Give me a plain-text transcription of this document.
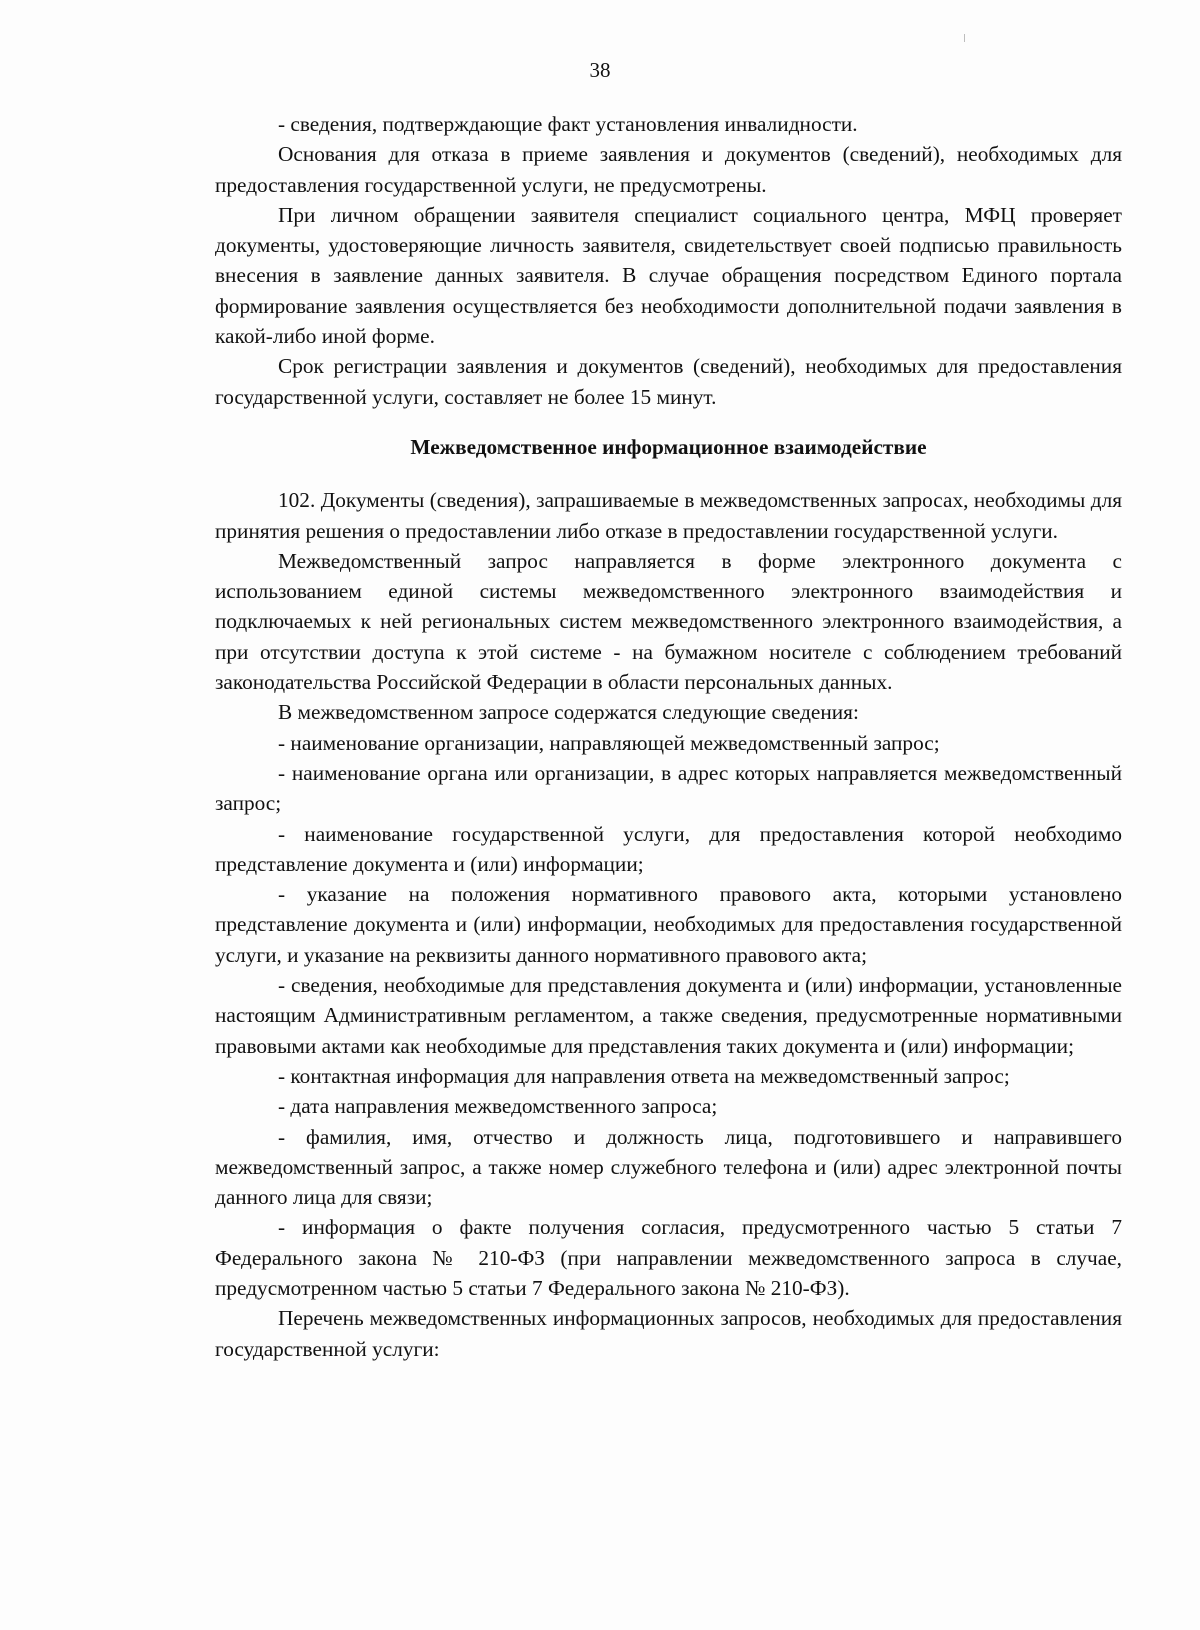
38

- сведения, подтверждающие факт установления инвалидности.

Основания для отказа в приеме заявления и документов (сведений), необходимых для предоставления государственной услуги, не предусмотрены.

При личном обращении заявителя специалист социального центра, МФЦ проверяет документы, удостоверяющие личность заявителя, свидетельствует своей подписью правильность внесения в заявление данных заявителя. В случае обращения посредством Единого портала формирование заявления осуществляется без необходимости дополнительной подачи заявления в какой-либо иной форме.

Срок регистрации заявления и документов (сведений), необходимых для предоставления государственной услуги, составляет не более 15 минут.

Межведомственное информационное взаимодействие

102. Документы (сведения), запрашиваемые в межведомственных запросах, необходимы для принятия решения о предоставлении либо отказе в предоставлении государственной услуги.

Межведомственный запрос направляется в форме электронного документа с использованием единой системы межведомственного электронного взаимодействия и подключаемых к ней региональных систем межведомственного электронного взаимодействия, а при отсутствии доступа к этой системе - на бумажном носителе с соблюдением требований законодательства Российской Федерации в области персональных данных.

В межведомственном запросе содержатся следующие сведения:

- наименование организации, направляющей межведомственный запрос;

- наименование органа или организации, в адрес которых направляется межведомственный запрос;

- наименование государственной услуги, для предоставления которой необходимо представление документа и (или) информации;

- указание на положения нормативного правового акта, которыми установлено представление документа и (или) информации, необходимых для предоставления государственной услуги, и указание на реквизиты данного нормативного правового акта;

- сведения, необходимые для представления документа и (или) информации, установленные настоящим Административным регламентом, а также сведения, предусмотренные нормативными правовыми актами как необходимые для представления таких документа и (или) информации;

- контактная информация для направления ответа на межведомственный запрос;

- дата направления межведомственного запроса;

- фамилия, имя, отчество и должность лица, подготовившего и направившего межведомственный запрос, а также номер служебного телефона и (или) адрес электронной почты данного лица для связи;

- информация о факте получения согласия, предусмотренного частью 5 статьи 7 Федерального закона № 210-ФЗ (при направлении межведомственного запроса в случае, предусмотренном частью 5 статьи 7 Федерального закона № 210-ФЗ).

Перечень межведомственных информационных запросов, необходимых для предоставления государственной услуги:
